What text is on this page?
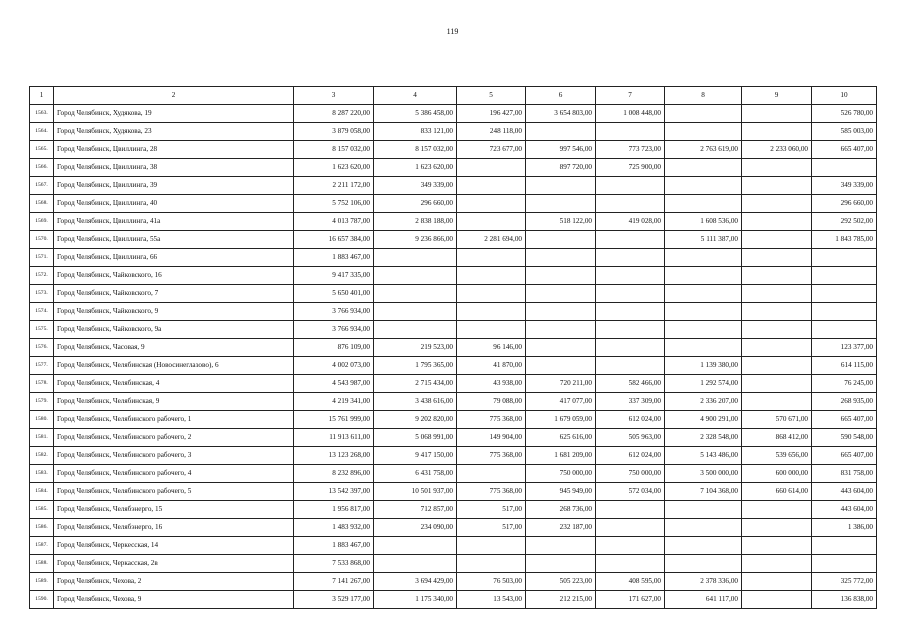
119
1	2	3	4	5	6	7	8	9	10
1563.	Город Челябинск, Худякова, 19	8 287 220,00	5 386 458,00	196 427,00	3 654 803,00	1 008 448,00			526 780,00
1564.	Город Челябинск, Худякова, 23	3 879 058,00	833 121,00	248 118,00					585 003,00
1565.	Город Челябинск, Цвиллинга, 28	8 157 032,00	8 157 032,00	723 677,00	997 546,00	773 723,00	2 763 619,00	2 233 060,00	665 407,00
1566.	Город Челябинск, Цвиллинга, 38	1 623 620,00	1 623 620,00		897 720,00	725 900,00			
1567.	Город Челябинск, Цвиллинга, 39	2 211 172,00	349 339,00						349 339,00
1568.	Город Челябинск, Цвиллинга, 40	5 752 106,00	296 660,00						296 660,00
1569.	Город Челябинск, Цвиллинга, 41а	4 013 787,00	2 838 188,00		518 122,00	419 028,00	1 608 536,00		292 502,00
1570.	Город Челябинск, Цвиллинга, 55а	16 657 384,00	9 236 866,00	2 281 694,00			5 111 387,00		1 843 785,00
1571.	Город Челябинск, Цвиллинга, 66	1 883 467,00							
1572.	Город Челябинск, Чайковского, 16	9 417 335,00							
1573.	Город Челябинск, Чайковского, 7	5 650 401,00							
1574.	Город Челябинск, Чайковского, 9	3 766 934,00							
1575.	Город Челябинск, Чайковского, 9а	3 766 934,00							
1576.	Город Челябинск, Часовая, 9	876 109,00	219 523,00	96 146,00					123 377,00
1577.	Город Челябинск, Челябинская (Новосинеглазово), 6	4 002 073,00	1 795 365,00	41 870,00			1 139 380,00		614 115,00
1578.	Город Челябинск, Челябинская, 4	4 543 987,00	2 715 434,00	43 938,00	720 211,00	582 466,00	1 292 574,00		76 245,00
1579.	Город Челябинск, Челябинская, 9	4 219 341,00	3 438 616,00	79 088,00	417 077,00	337 309,00	2 336 207,00		268 935,00
1580.	Город Челябинск, Челябинского рабочего, 1	15 761 999,00	9 202 820,00	775 368,00	1 679 059,00	612 024,00	4 900 291,00	570 671,00	665 407,00
1581.	Город Челябинск, Челябинского рабочего, 2	11 913 611,00	5 068 991,00	149 904,00	625 616,00	505 963,00	2 328 548,00	868 412,00	590 548,00
1582.	Город Челябинск, Челябинского рабочего, 3	13 123 268,00	9 417 150,00	775 368,00	1 681 209,00	612 024,00	5 143 486,00	539 656,00	665 407,00
1583.	Город Челябинск, Челябинского рабочего, 4	8 232 896,00	6 431 758,00		750 000,00	750 000,00	3 500 000,00	600 000,00	831 758,00
1584.	Город Челябинск, Челябинского рабочего, 5	13 542 397,00	10 501 937,00	775 368,00	945 949,00	572 034,00	7 104 368,00	660 614,00	443 604,00
1585.	Город Челябинск, Челябэнерго, 15	1 956 817,00	712 857,00	517,00	268 736,00				443 604,00
1586.	Город Челябинск, Челябэнерго, 16	1 483 932,00	234 090,00	517,00	232 187,00				1 386,00
1587.	Город Челябинск, Черкесская, 14	1 883 467,00							
1588.	Город Челябинск, Черкасская, 2в	7 533 868,00							
1589.	Город Челябинск, Чехова, 2	7 141 267,00	3 694 429,00	76 503,00	505 223,00	408 595,00	2 378 336,00		325 772,00
1590.	Город Челябинск, Чехова, 9	3 529 177,00	1 175 340,00	13 543,00	212 215,00	171 627,00	641 117,00		136 838,00
